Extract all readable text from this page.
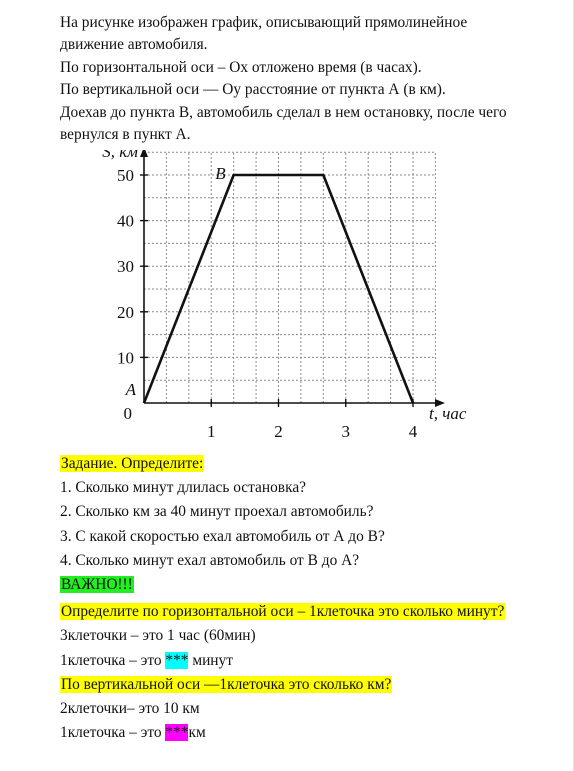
На рисунке изображен график, описывающий прямолинейное
движение автомобиля.
По горизонтальной оси – Ох отложено время (в часах).
По вертикальной оси — Оу расстояние от пункта А (в км).
Доехав до пункта В, автомобиль сделал в нем остановку, после чего
вернулся в пункт А.
1	2	3	4
10
20
30
40
50
0
S, км
t, час
A
B
Задание. Определите:
1. Сколько минут длилась остановка?
2. Сколько км за 40 минут проехал автомобиль?
3. С какой скоростью ехал автомобиль от А до В?
4. Сколько минут ехал автомобиль от В до А?
ВАЖНО!!!
Определите по горизонтальной оси – 1клеточка это сколько минут?
3клеточки – это 1 час (60мин)
1клеточка – это *** минут
По вертикальной оси —1клеточка это сколько км?
2клеточки– это 10 км
1клеточка – это ***км
